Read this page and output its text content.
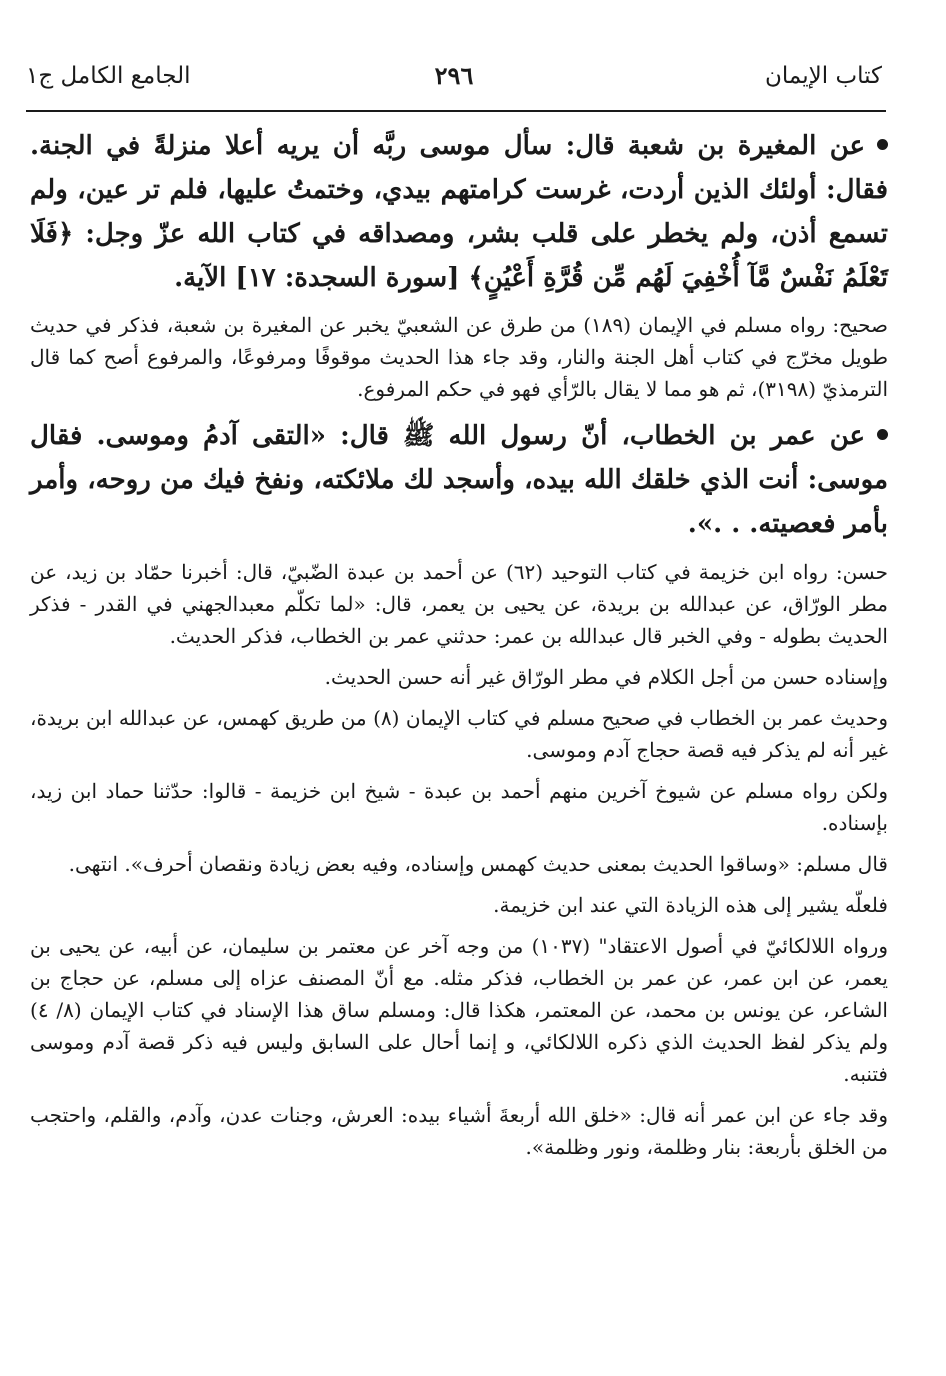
كتاب الإيمان
٢٩٦
الجامع الكامل ج١

عن المغيرة بن شعبة قال: سأل موسى ربَّه أن يريه أعلا منزلةً في الجنة. فقال: أولئك الذين أردت، غرست كرامتهم بيدي، وختمتُ عليها، فلم تر عين، ولم تسمع أذن، ولم يخطر على قلب بشر، ومصداقه في كتاب الله عزّ وجل: ﴿فَلَا تَعْلَمُ نَفْسٌ مَّآ أُخْفِيَ لَهُم مِّن قُرَّةِ أَعْيُنٍ﴾ [سورة السجدة: ١٧] الآية.

صحيح: رواه مسلم في الإيمان (١٨٩) من طرق عن الشعبيّ يخبر عن المغيرة بن شعبة، فذكر في حديث طويل مخرّج في كتاب أهل الجنة والنار، وقد جاء هذا الحديث موقوفًا ومرفوعًا، والمرفوع أصح كما قال الترمذيّ (٣١٩٨)، ثم هو مما لا يقال بالرّأي فهو في حكم المرفوع.

عن عمر بن الخطاب، أنّ رسول الله ﷺ قال: «التقى آدمُ وموسى. فقال موسى: أنت الذي خلقك الله بيده، وأسجد لك ملائكته، ونفخ فيك من روحه، وأمر بأمر فعصيته. . .».

حسن: رواه ابن خزيمة في كتاب التوحيد (٦٢) عن أحمد بن عبدة الضّبيّ، قال: أخبرنا حمّاد بن زيد، عن مطر الورّاق، عن عبدالله بن بريدة، عن يحيى بن يعمر، قال: «لما تكلّم معبدالجهني في القدر - فذكر الحديث بطوله - وفي الخبر قال عبدالله بن عمر: حدثني عمر بن الخطاب، فذكر الحديث.

وإسناده حسن من أجل الكلام في مطر الورّاق غير أنه حسن الحديث.

وحديث عمر بن الخطاب في صحيح مسلم في كتاب الإيمان (٨) من طريق كهمس، عن عبدالله ابن بريدة، غير أنه لم يذكر فيه قصة حجاج آدم وموسى.

ولكن رواه مسلم عن شيوخ آخرين منهم أحمد بن عبدة - شيخ ابن خزيمة - قالوا: حدّثنا حماد ابن زيد، بإسناده.

قال مسلم: «وساقوا الحديث بمعنى حديث كهمس وإسناده، وفيه بعض زيادة ونقصان أحرف». انتهى.

فلعلّه يشير إلى هذه الزيادة التي عند ابن خزيمة.

ورواه اللالكائيّ في أصول الاعتقاد" (١٠٣٧) من وجه آخر عن معتمر بن سليمان، عن أبيه، عن يحيى بن يعمر، عن ابن عمر، عن عمر بن الخطاب، فذكر مثله. مع أنّ المصنف عزاه إلى مسلم، عن حجاج بن الشاعر، عن يونس بن محمد، عن المعتمر، هكذا قال: ومسلم ساق هذا الإسناد في كتاب الإيمان (٨/ ٤) ولم يذكر لفظ الحديث الذي ذكره اللالكائي، و إنما أحال على السابق وليس فيه ذكر قصة آدم وموسى فتنبه.

وقد جاء عن ابن عمر أنه قال: «خلق الله أربعةَ أشياء بيده: العرش، وجنات عدن، وآدم، والقلم، واحتجب من الخلق بأربعة: بنار وظلمة، ونور وظلمة».
